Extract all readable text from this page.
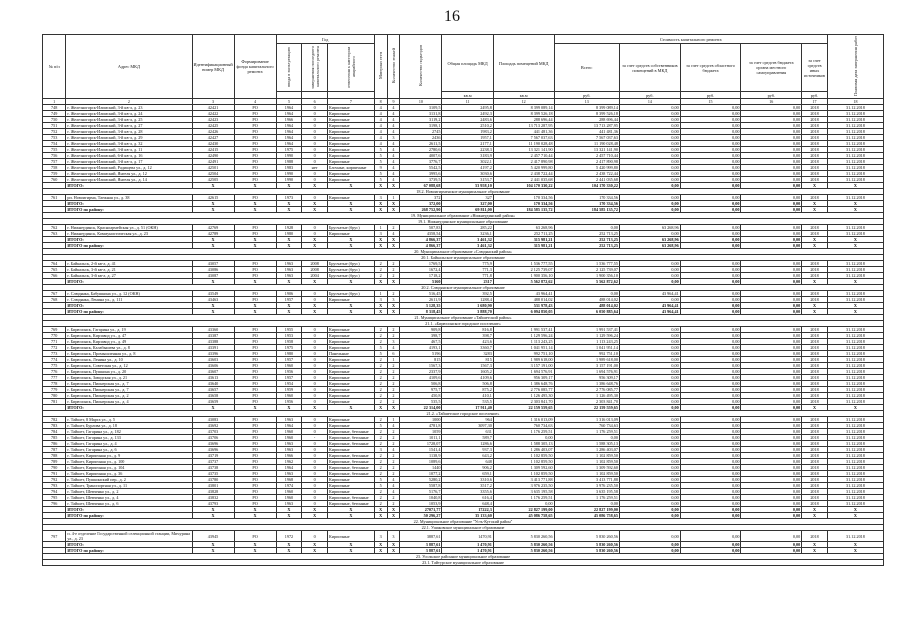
16
№ п/п	Адрес МКД	Идентификационный номер МКД	Формирование фонда капитального ремонта	Год			Материал стен	Количество этажей	Количество подъездов	Общая площадь МКД	Площадь помещений МКД	Стоимость капитального ремонта					Плановая дата завершения работ
				ввода в эксплуатацию	завершения последнего капитального ремонта	отнесения к категории аварийного						Всего:	за счет средств собственников помещений в МКД	за счет средств областного бюджета	за счет средств бюджета органа местного самоуправления	за счет средств иных источников	
										кв.м	кв.м	руб.	руб.	руб.	руб.	руб.	
1	2	3	4	5	6	7	8	9	10	11	12	13	14	15	16	17	18
748	г. Железногорск-Илимский, 3-й кв-л, д. 23	42421	РО	1964	0	Кирпичные	4	4	3109,5	2495,8	8 399 089,14	8 399 089,14	0,00	0,00	0,00	2018	31.12.2018
749	г. Железногорск-Илимский, 3-й кв-л, д. 24	42422	РО	1964	0	Кирпичные	4	4	3131,8	2492,3	8 399 526,18	8 399 526,18	0,00	0,00	0,00	2018	31.12.2018
750	г. Железногорск-Илимский, 3-й кв-л, д. 25	42423	РО	1966	0	Кирпичные	4	4	3119,2	2483,6	288 696,44	288 696,44	0,00	0,00	0,00	2018	31.12.2018
751	г. Железногорск-Илимский, 3-й кв-л, д. 27	42425	РО	1964	0	Кирпичные	4	4	3198,1	2510,2	13 713 287,95	13 713 287,95	0,00	0,00	0,00	2018	31.12.2018
752	г. Железногорск-Илимский, 3-й кв-л, д. 28	42426	РО	1964	0	Кирпичные	4	4	2745	1983,2	441 481,36	441 481,36	0,00	0,00	0,00	2018	31.12.2018
753	г. Железногорск-Илимский, 3-й кв-л, д. 29	42427	РО	1964	0	Кирпичные	4	3	2436	1957,1	7 567 037,63	7 567 037,63	0,00	0,00	0,00	2018	31.12.2018
754	г. Железногорск-Илимский, 3-й кв-л, д. 32	42430	РО	1964	0	Кирпичные	4	4	2611,5	2177,1	11 190 028,48	11 190 028,48	0,00	0,00	0,00	2018	31.12.2018
755	г. Железногорск-Илимский, 3-й кв-л, д. 11	42415	РО	1975	0	Кирпичные	5	4	2780,6	2238,3	13 321 141,90	13 321 141,90	0,00	0,00	0,00	2018	31.12.2018
756	г. Железногорск-Илимский, 6-й кв-л, д. 16	42490	РО	1990	0	Кирпичные	5	4	4007,6	3183,9	2 457 710,44	2 457 710,44	0,00	0,00	0,00	2018	31.12.2018
757	г. Железногорск-Илимский, 3-й кв-л, д. 17	42491	РО	1988	0	Кирпичные	5	4	3776,7	3022,1	2 417 890,98	2 417 890,98	0,00	0,00	0,00	2018	31.12.2018
758	г. Железногорск-Илимский, Радищева ул., д. 12	42501	РО	1983	нет	Блочные, кирпичные	9	4	5542,5	4197,2	5 420 999,80	5 420 999,80	0,00	0,00	0,00	2018	31.12.2018
759	г. Железногорск-Илимский, Янгеля ул., д. 12	42504	РО	1990	0	Кирпичные	5	4	3995,6	3030,6	2 438 722,44	2 438 722,44	0,00	0,00	0,00	2018	31.12.2018
760	г. Железногорск-Илимский, Янгеля ул., д. 14	42505	РО	1990	0	Кирпичные	5	4	3739,5	3153,7	2 441 035,68	2 441 035,68	0,00	0,00	0,00	2018	31.12.2018
	ИТОГО:	X	X	X	X	X	X	X	67 088,68	53 958,10	104 170 330,22	104 170 330,22	0,00	0,00	0,00	X	X
18.2. Новоигирменское муниципальное образование																	
761	рп. Новоигирма, Таежная ул., д. 38	42615	РО	1973	0	Кирпичные	3	1	372	327	170 334,56	170 334,56	0,00	0,00	0,00	2018	31.12.2018
	ИТОГО:	X	X	X	X	X	X	X	372,00	327,00	170 334,56	170 334,56	0,00	0,00	0,00	X	X
	ИТОГО по району:	X	X	X	X	X	X	X	268 752,90	69 811,00	184 585 135,72	184 585 135,72	0,00	0,00	0,00	X	X
19. Муниципальное образование «Нижнеудинский район»																	
19.1. Нижнеудинское муниципальное образование																	
762	г. Нижнеудинск, Красноармейская ул., д. 51 (ОКН)	42769	РО	1928	0	Брусчатые (брус)	1	2	507,83	285,22	63 268,96	0,00	63 268,96	0,00	0,00	2018	31.12.2018
763	г. Нижнеудинск, Коммунистическая ул., д. 23	42789	РО	1980	0	Кирпичные	3	4	4358,54	3236,1	252 711,25	252 713,25	0,00	0,00	0,00	2018	31.12.2018
	ИТОГО:	X	X	X	X	X	X	X	4 866,37	3 461,32	315 981,21	252 713,25	63 268,96	0,00	0,00	X	X
	ИТОГО по району:	X	X	X	X	X	X	X	4 866,37	3 461,32	315 981,21	252 713,25	63 268,96	0,00	0,00	X	X
20. Муниципальное образование «Слюдянский район»																	
20.1. Байкальское муниципальное образование																	
764	г. Байкальск, 2-й кв-л, д. 41	43057	РО	1963	2008	Брусчатые (брус)	2	2	1769,5	775,9	1 536 777,55	1 536 777,55	0,00	0,00	0,00	2018	31.12.2018
765	г. Байкальск, 3-й кв-л, д. 21	43086	РО	1963	2008	Брусчатые (брус)	2	2	1672,4	771,3	2 125 739,07	2 125 739,07	0,00	0,00	0,00	2018	31.12.2018
766	г. Байкальск, 3-й кв-л, д. 27	43087	РО	1963	2004	Брусчатые (брус)	2	2	1718,2	771,8	1 900 356,10	1 900 356,10	0,00	0,00	0,00	2018	31.12.2018
	ИТОГО:	X	X	X	X	X	X	X	5160	2317	5 562 872,62	5 562 872,62	0,00	0,00	0,00	X	X
20.2. Слюдянское муниципальное образование																	
767	г. Слюдянка, Бабушкина ул., д. 12 (ОКН)	43549	РО	1906	0	Брусчатые (брус)	1	2	516,45	392,5	43 964,41	0,00	43 964,41	0,00	0,00	2018	31.12.2018
768	г. Слюдянка, Ленина ул., д. 111	43463	РО	1957	0	Кирпичные	3	3	2611,9	1288,4	488 014,02	488 014,02	0,00	0,00	0,00	2018	31.12.2018
	ИТОГО:	X	X	X	X	X	X	X	3 128,35	1 680,90	531 978,43	488 014,02	43 964,41	0,00	0,00	X	X
	ИТОГО по району:	X	X	X	X	X	X	X	8 318,45	3 888,70	6 094 850,05	6 050 885,64	43 964,41	0,00	0,00	X	X
21. Муниципальное образование «Тайшетский район»																	
21.1. «Бирюсинское городское поселение»																	
769	г. Бирюсинск, Гагарина ул., д. 19	43360	РО	1955	0	Кирпичные	2	2	909,8	816,8	1 991 537,41	1 991 537,41	0,00	0,00	0,00	2018	31.12.2018
770	г. Бирюсинск, Кирзавод ул., д. 47	43387	РО	1953	0	Кирпичные	2	2	398,7	398,7	1 129 596,24	1 129 596,24	0,00	0,00	0,00	2018	31.12.2018
771	г. Бирюсинск, Кирзавод ул., д. 49	43388	РО	1958	0	Кирпичные	2	3	467,5	423,6	1 113 243,25	1 113 243,25	0,00	0,00	0,00	2018	31.12.2018
772	г. Бирюсинск, Калабышева ул., д. 8	43391	РО	1975	0	Кирпичные	5	4	4193,1	3360,7	1 041 951,14	1 041 951,14	0,00	0,00	0,00	2018	31.12.2018
773	г. Бирюсинск, Промышленная ул., д. 8	43396	РО	1980	0	Панельные	5	6	5196	3283	992 751,10	992 751,10	0,00	0,00	0,00	2018	31.12.2018
774	г. Бирюсинск, Ленина ул., д. 10	43603	РО	1957	0	Кирпичные	2	1	815	815	1 989 618,00	1 989 618,00	0,00	0,00	0,00	2018	31.12.2018
775	г. Бирюсинск, Советская ул., д. 12	43606	РО	1960	0	Кирпичные	2	2	1567,3	1567,3	3 157 191,00	3 157 191,00	0,00	0,00	0,00	2018	31.12.2018
776	г. Бирюсинск, Пушкина ул., д. 20	43607	РО	1956	0	Кирпичные	2	2	2337,9	1605,2	1 694 576,91	1 694 576,91	0,00	0,00	0,00	2018	31.12.2018
777	г. Бирюсинск, Заводская ул., д. 21	43613	РО	1957	0	Кирпичные	2	2	4109,6	4109,6	956 309,17	956 309,17	0,00	0,00	0,00	2018	31.12.2018
778	г. Бирюсинск, Пионерская ул., д. 7	43640	РО	1954	0	Кирпичные	2	2	506,8	506,8	1 386 648,76	1 386 648,76	0,00	0,00	0,00	2018	31.12.2018
779	г. Бирюсинск, Пионерская ул., д. 7	43657	РО	1959	0	Кирпичные	2	2	975,7	875,2	2 776 085,77	2 776 085,77	0,00	0,00	0,00	2018	31.12.2018
780	г. Бирюсинск, Пионерская ул., д. 2	43658	РО	1960	0	Кирпичные	2	2	450,8	410,1	1 126 495,30	1 126 495,30	0,00	0,00	0,00	2018	31.12.2018
781	г. Бирюсинск, Пионерская ул., д. 4	43659	РО	1956	0	Кирпичные	2	2	535,5	535,5	2 303 841,70	2 303 841,70	0,00	0,00	0,00	2018	31.12.2018
	ИТОГО:	X	X	X	X	X	X	X	22 314,00	17 911,40	22 159 559,65	22 159 559,65	0,00	0,00	0,00	X	X
21.2. «Тайшетское городское поселение»																	
782	г. Тайшет, 8 Марта ул., д. 5	43083	РО	1963	0	Кирпичные	2	1	1000	964	1 316 013,09	1 316 013,09	0,00	0,00	0,00	2018	31.12.2018
783	г. Тайшет, Бурлова ул., д. 18	43692	РО	1964	0	Кирпичные	5	4	4781,8	3097,30	760 734,63	760 734,63	0,00	0,00	0,00	2018	31.12.2018
784	г. Тайшет, Гагарина ул., д. 182	43703	РО	1960	0	Кирпичные, бетонные	2	2	1059	631	1 176 259,51	1 176 259,51	0,00	0,00	0,00	2018	31.12.2018
785	г. Тайшет, Гагарина ул., д. 133	43706	РО	1960	-	Кирпичные, бетонные	2	2	1011,1	589,7	0,00	0,00	0,00	0,00	0,00	2018	31.12.2018
786	г. Тайшет, Гагарина ул., д. 4	43696	РО	1963	0	Кирпичные, бетонные	2	2	1728,07	1286,6	1 588 305,13	1 588 305,13	0,00	0,00	0,00	2018	31.12.2018
787	г. Тайшет, Гагарина ул., д. 6	43696	РО	1963	0	Кирпичные	3	4	1541,4	937,3	1 286 403,07	1 286 403,07	0,00	0,00	0,00	2018	31.12.2018
788	г. Тайшет, Кирпичная ул., д. 9	43719	РО	1966	0	Кирпичные, бетонные	2	2	1138,9	643,2	1 102 859,50	1 102 859,50	0,00	0,00	0,00	2018	31.12.2018
789	г. Тайшет, Кирпичная ул., д. 100	43737	РО	1962	0	Кирпичные, бетонные	2	2	1089,6	648	1 102 859,50	1 102 859,50	0,00	0,00	0,00	2018	31.12.2018
790	г. Тайшет, Кирпичная ул., д. 104	43738	РО	1964	0	Кирпичные, бетонные	2	2	1440	906,2	1 309 592,60	1 309 592,60	0,00	0,00	0,00	2018	31.12.2018
791	г. Тайшет, Кирпичная ул., д. 36	43735	РО	1963	0	Кирпичные, бетонные	2	2	1077,2	659,1	1 102 859,50	1 102 859,50	0,00	0,00	0,00	2018	31.12.2018
792	г. Тайшет, Пушкинский пер., д. 2	43780	РО	1968	0	Кирпичные	5	4	5280,2	3310,6	3 413 771,88	3 413 771,88	0,00	0,00	0,00	2018	31.12.2018
793	г. Тайшет, Транспортная ул., д. 11	43801	РО	1974	0	Кирпичные	5	4	5587,8	3517,2	3 976 235,50	3 976 235,50	0,00	0,00	0,00	2018	31.12.2018
794	г. Тайшет, Шевченко ул., д. 2	43828	РО	1960	0	Кирпичные	2	4	5176,7	3355,6	3 635 195,58	3 635 195,58	0,00	0,00	0,00	2018	31.12.2018
795	г. Тайшет, Шевченко ул., д. 4	43832	РО	1960	0	Кирпичные, бетонные	2	2	1040,8	616,4	1 176 259,51	1 176 259,51	0,00	0,00	0,00	2018	31.12.2018
796	г. Тайшет, Шевченко ул., д. 6	43793	РО	1963	0	Кирпичные, бетонные	2	2	1053,9	648,4	0,00	0,00	0,00	0,00	0,00	2018	31.12.2018
	ИТОГО:	X	X	X	X	X	X	X	27071,77	17222,3	22 827 199,00	22 827 199,00	0,00	0,00	0,00	X	X
	ИТОГО по району:	X	X	X	X	X	X	X	50 296,27	35 133,60	45 086 758,65	45 086 758,65	0,00	0,00	0,00	X	X
22. Муниципальное образование "Усть-Кутский район"																	
22.1. Ушаковское муниципальное образование																	
797	п. 4-е отделение Государственной селекционной станции, Мичурина ул., д. 23	43945	РО	1972	0	Кирпичные	3	3	3887,61	1470,91	5 830 260,56	5 830 260,56	0,00	0,00	0,00	2018	31.12.2018
	ИТОГО:	X	X	X	X	X	X	X	3 887,61	1 470,91	5 830 260,56	5 830 260,56	0,00	0,00	0,00	X	X
	ИТОГО по району:	X	X	X	X	X	X	X	3 887,61	1 470,91	5 830 260,56	5 830 260,56	0,00	0,00	0,00	X	X
23. Усольское районное муниципальное образование																	
23.1. Тайтурское муниципальное образование																	
